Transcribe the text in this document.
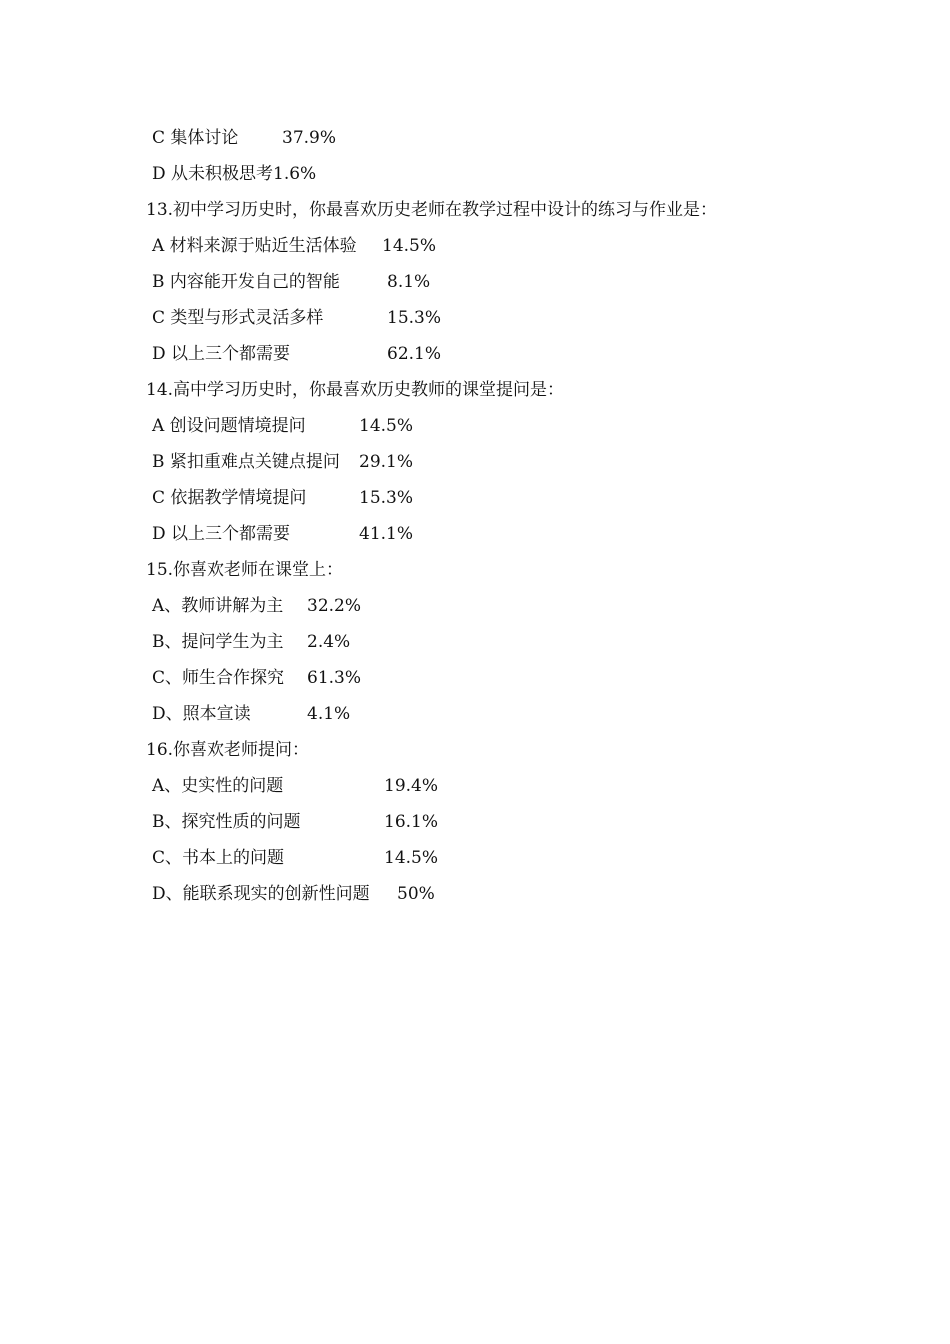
C 集体讨论	37.9%
D 从未积极思考 1.6%
13.初中学习历史时，你最喜欢历史老师在教学过程中设计的练习与作业是：
A 材料来源于贴近生活体验 14.5%
B 内容能开发自己的智能	8.1%
C 类型与形式灵活多样	15.3%
D 以上三个都需要	62.1%
14.高中学习历史时，你最喜欢历史教师的课堂提问是：
A 创设问题情境提问	14.5%
B 紧扣重难点关键点提问 29.1%
C 依据教学情境提问	15.3%
D 以上三个都需要	41.1%
15.你喜欢老师在课堂上：
A、教师讲解为主 32.2%
B、提问学生为主 2.4%
C、师生合作探究 61.3%
D、照本宣读	4.1%
16.你喜欢老师提问：
A、史实性的问题	19.4%
B、探究性质的问题	16.1%
C、书本上的问题	14.5%
D、能联系现实的创新性问题 50%
